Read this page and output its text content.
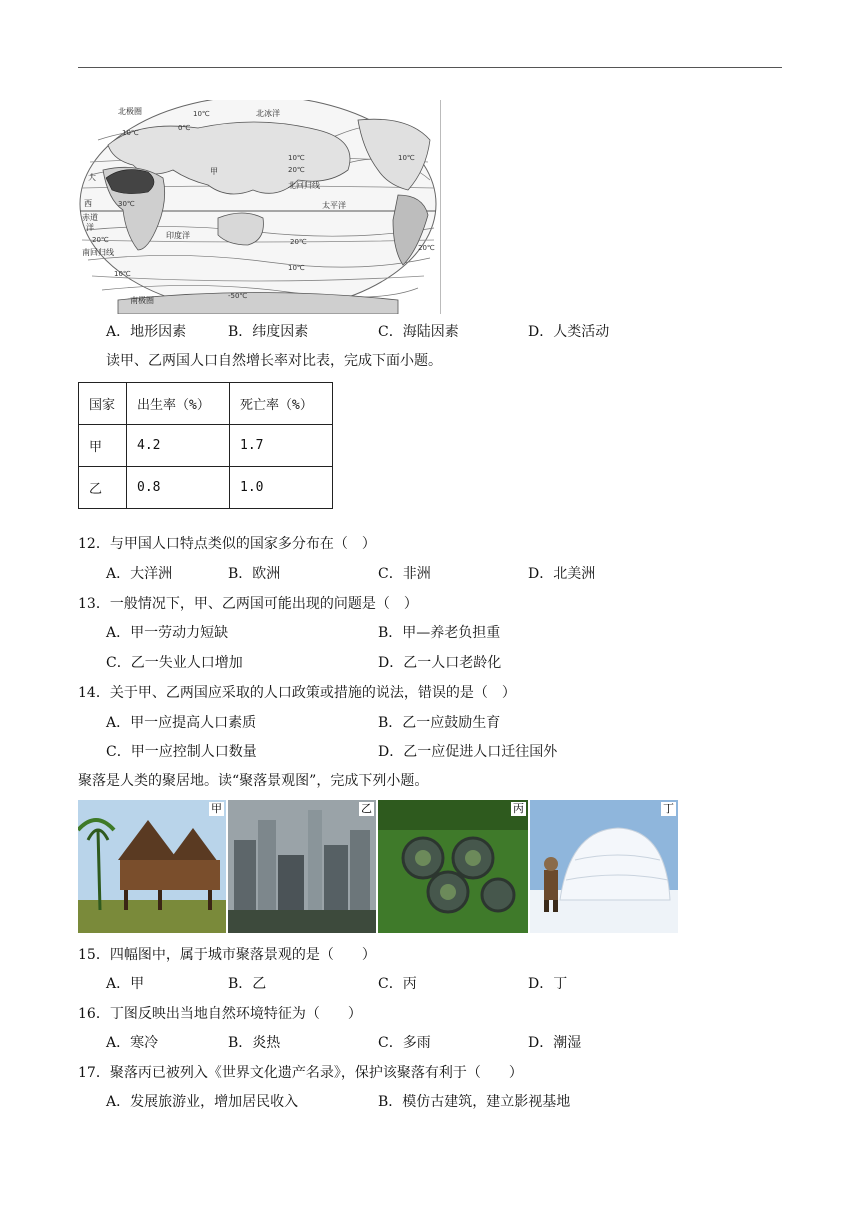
北极圈	北冰洋
北回归线
太平洋
印度洋
南回归线
南极圈
赤道
甲
大
西
洋
10℃
10℃
0℃
10℃
20℃
30℃
20℃
10℃
20℃
10℃
-50℃
20℃
10℃
A．地形因素	B．纬度因素	C．海陆因素	D．人类活动
读甲、乙两国人口自然增长率对比表，完成下面小题。
国家	出生率（%）	死亡率（%）
甲	4.2	1.7
乙	0.8	1.0
12．与甲国人口特点类似的国家多分布在（　）
A．大洋洲	B．欧洲	C．非洲	D．北美洲
13．一般情况下，甲、乙两国可能出现的问题是（　）
A．甲一劳动力短缺	B．甲—养老负担重
C．乙一失业人口增加	D．乙一人口老龄化
14．关于甲、乙两国应采取的人口政策或措施的说法，错误的是（　）
A．甲一应提高人口素质	B．乙一应鼓励生育
C．甲一应控制人口数量	D．乙一应促进人口迁往国外
聚落是人类的聚居地。读“聚落景观图”，完成下列小题。
甲	乙	丙	丁
15．四幅图中，属于城市聚落景观的是（　　）
A．甲	B．乙	C．丙	D．丁
16．丁图反映出当地自然环境特征为（　　）
A．寒冷	B．炎热	C．多雨	D．潮湿
17．聚落丙已被列入《世界文化遗产名录》，保护该聚落有利于（　　）
A．发展旅游业，增加居民收入	B．模仿古建筑，建立影视基地
